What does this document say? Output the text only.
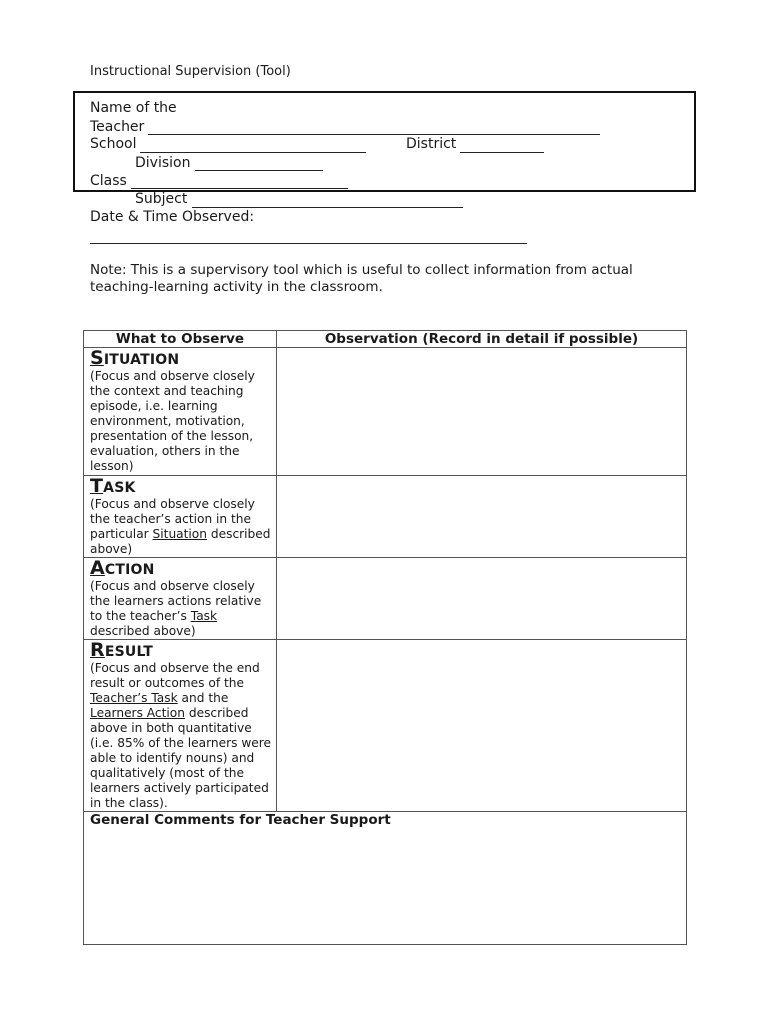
Instructional Supervision (Tool)
Name of the
Teacher
School	District
Division
Class
Subject
Date & Time Observed:
Note: This is a supervisory tool which is useful to collect information from actual teaching-learning activity in the classroom.
What to Observe	Observation (Record in detail if possible)

SITUATION
(Focus and observe closely the context and teaching episode, i.e. learning environment, motivation, presentation of the lesson, evaluation, others in the lesson)	

TASK
(Focus and observe closely the teacher’s action in the particular Situation described above)	

ACTION
(Focus and observe closely the learners actions relative to the teacher’s Task described above)	

RESULT
(Focus and observe the end result or outcomes of the Teacher’s Task and the Learners Action described above in both quantitative (i.e. 85% of the learners were able to identify nouns) and qualitatively (most of the learners actively participated in the class).	

General Comments for Teacher Support	
